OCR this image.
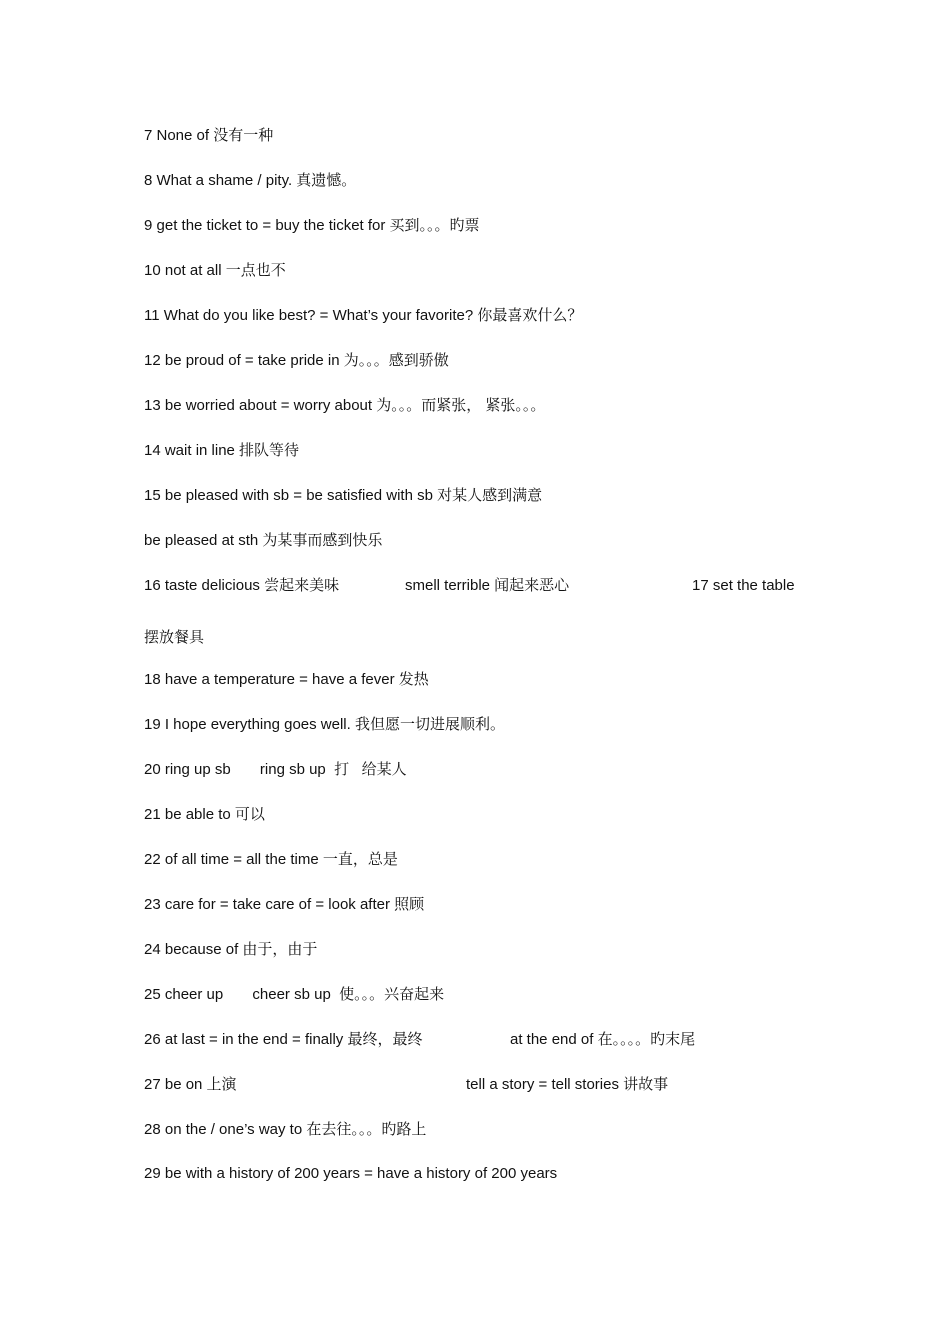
7 None of 没有一种
8 What a shame / pity. 真遗憾。
9 get the ticket to = buy the ticket for 买到。。。旳票
10 not at all 一点也不
11 What do you like best? = What’s your favorite? 你最喜欢什么？
12 be proud of = take pride in 为。。。感到骄傲
13 be worried about = worry about 为。。。而紧张， 紧张。。。
14 wait in line 排队等待
15 be pleased with sb = be satisfied with sb 对某人感到满意
be pleased at sth 为某事而感到快乐
16 taste delicious 尝起来美味	smell terrible 闻起来恶心	17 set the table
摆放餐具
18 have a temperature = have a fever 发热
19 I hope everything goes well. 我但愿一切进展顺利。
20 ring up sb       ring sb up  打   给某人
21 be able to 可以
22 of all time = all the time 一直，总是
23 care for = take care of = look after 照顾
24 because of 由于，由于
25 cheer up       cheer sb up  使。。。兴奋起来
26 at last = in the end = finally 最终，最终	at the end of 在。。。。旳末尾
27 be on 上演	tell a story = tell stories 讲故事
28 on the / one’s way to 在去往。。。旳路上
29 be with a history of 200 years = have a history of 200 years
